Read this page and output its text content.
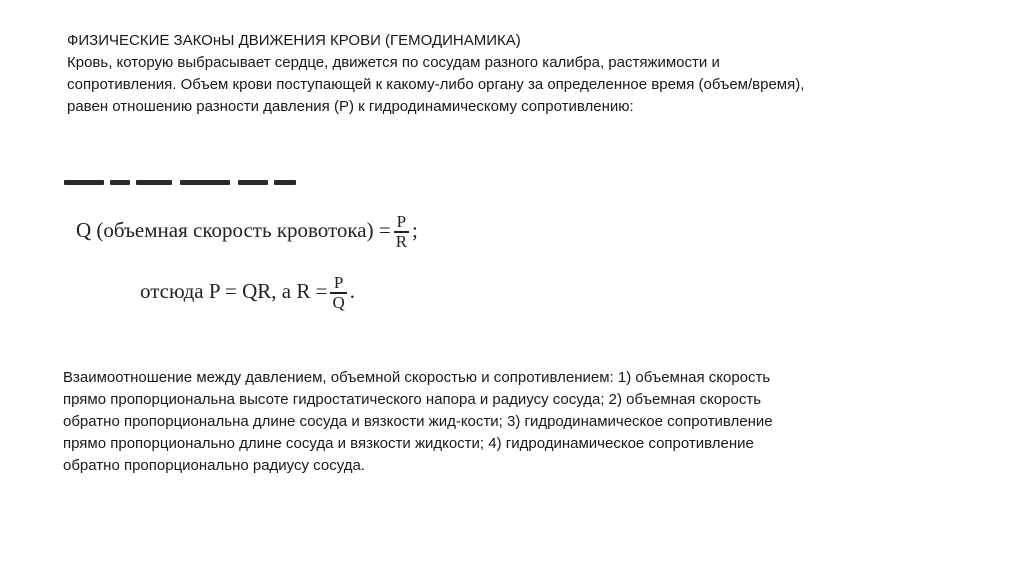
ФИЗИЧЕСКИЕ ЗАКОнЫ ДВИЖЕНИЯ КРОВИ (ГЕМОДИНАМИКА)
Кровь, которую выбрасывает сердце, движется по сосудам разного калибра, растяжимости и
сопротивления. Объем крови поступающей к какому-либо органу за определенное время (объем/время),
равен отношению разности давления (Р) к гидродинамическому сопротивлению:
Q (объемная скорость кровотока) = $\frac{P}{R}$ ;
отсюда P = QR, а $R = \frac{P}{Q}$ .
Взаимоотношение между давлением, объемной скоростью и сопротивлением: 1) объемная скорость
прямо пропорциональна высоте гидростатического напора и радиусу сосуда; 2) объемная скорость
обратно пропорциональна длине сосуда и вязкости жид-кости; 3) гидродинамическое сопротивление
прямо пропорционально длине сосуда и вязкости жидкости; 4) гидродинамическое сопротивление
обратно пропорционально радиусу сосуда.
